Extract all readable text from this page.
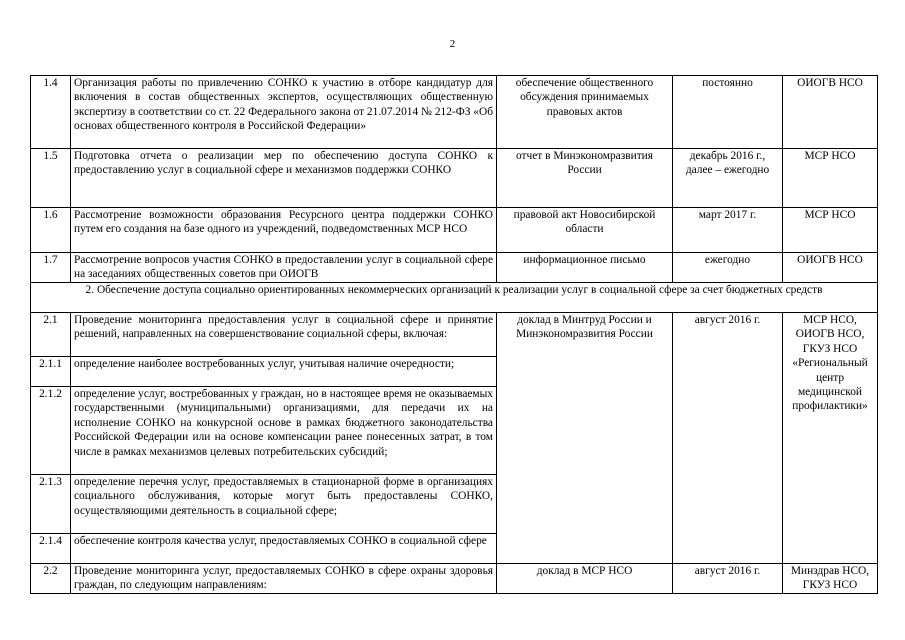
2
1.4	Организация работы по привлечению СОНКО к участию в отборе кандидатур для включения в состав общественных экспертов, осуществляющих общественную экспертизу в соответствии со ст. 22 Федерального закона от 21.07.2014 № 212-ФЗ «Об основах общественного контроля в Российской Федерации»	обеспечение общественного обсуждения принимаемых правовых актов	постоянно	ОИОГВ НСО
1.5	Подготовка отчета о реализации мер по обеспечению доступа СОНКО к предоставлению услуг в социальной сфере и механизмов поддержки СОНКО	отчет в Минэкономразвития России	декабрь 2016 г., далее – ежегодно	МСР НСО
1.6	Рассмотрение возможности образования Ресурсного центра поддержки СОНКО путем его создания на базе одного из учреждений, подведомственных МСР НСО	правовой акт Новосибирской области	март 2017 г.	МСР НСО
1.7	Рассмотрение вопросов участия СОНКО в предоставлении услуг в социальной сфере на заседаниях общественных советов при ОИОГВ	информационное письмо	ежегодно	ОИОГВ НСО
2. Обеспечение доступа социально ориентированных некоммерческих организаций к реализации услуг в социальной сфере за счет бюджетных средств				
2.1	Проведение мониторинга предоставления услуг в социальной сфере и принятие решений, направленных на совершенствование социальной сферы, включая:	доклад в Минтруд России и Минэкономразвития России	август 2016 г.	МСР НСО, ОИОГВ НСО, ГКУЗ НСО «Региональный центр медицинской профилактики»
2.1.1	определение наиболее востребованных услуг, учитывая наличие очередности;			
2.1.2	определение услуг, востребованных у граждан, но в настоящее время не оказываемых государственными (муниципальными) организациями, для передачи их на исполнение СОНКО на конкурсной основе в рамках бюджетного законодательства Российской Федерации или на основе компенсации ранее понесенных затрат, в том числе в рамках механизмов целевых потребительских субсидий;			
2.1.3	определение перечня услуг, предоставляемых в стационарной форме в организациях социального обслуживания, которые могут быть предоставлены СОНКО, осуществляющими деятельность в социальной сфере;			
2.1.4	обеспечение контроля качества услуг, предоставляемых СОНКО в социальной сфере			
2.2	Проведение мониторинга услуг, предоставляемых СОНКО в сфере охраны здоровья граждан, по следующим направлениям:	доклад в МСР НСО	август 2016 г.	Минздрав НСО, ГКУЗ НСО
